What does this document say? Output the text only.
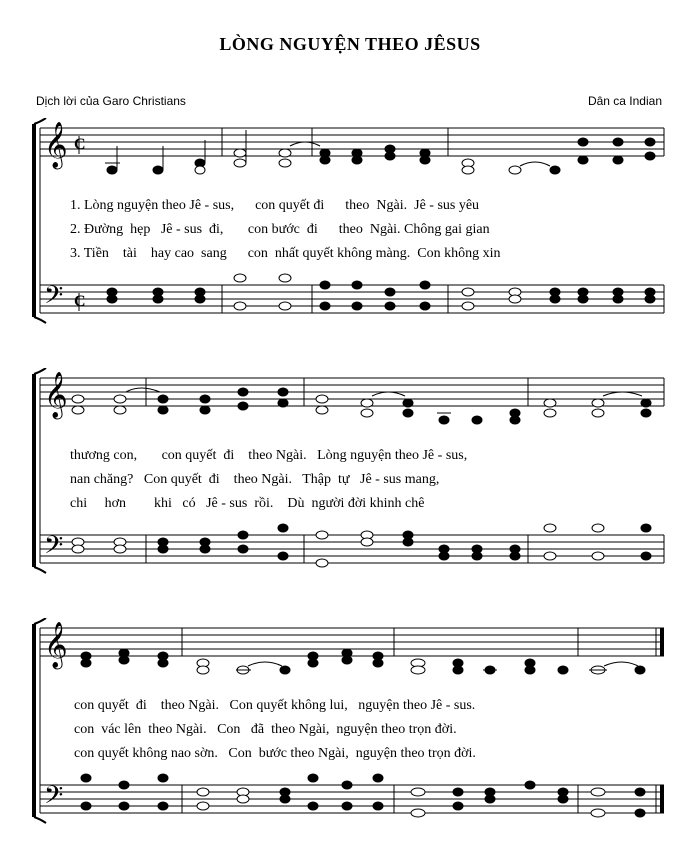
LÒNG NGUYỆN THEO JÊSUS
Dịch lời của Garo Christians	Dân ca Indian
𝄞
𝄢
C
C
1. Lòng nguyện theo Jê - sus,      con quyết đi      theo  Ngài.  Jê - sus yêu
2. Đường  hẹp   Jê - sus  đi,       con bước  đi      theo  Ngài. Chông gai gian
3. Tiền    tài    hay cao  sang      con  nhất quyết không màng.  Con không xin
𝄞
𝄢
thương con,       con quyết  đi    theo Ngài.   Lòng nguyện theo Jê - sus,
nan chăng?   Con quyết  đi    theo Ngài.   Thập  tự   Jê - sus mang,
chi     hơn        khi   có   Jê - sus  rồi.    Dù  người đời khinh chê
𝄞
𝄢
con quyết  đi    theo Ngài.   Con quyết không lui,   nguyện theo Jê - sus.
con  vác lên  theo Ngài.   Con   đã  theo Ngài,  nguyện theo trọn đời.
con quyết không nao sờn.   Con  bước theo Ngài,  nguyện theo trọn đời.
